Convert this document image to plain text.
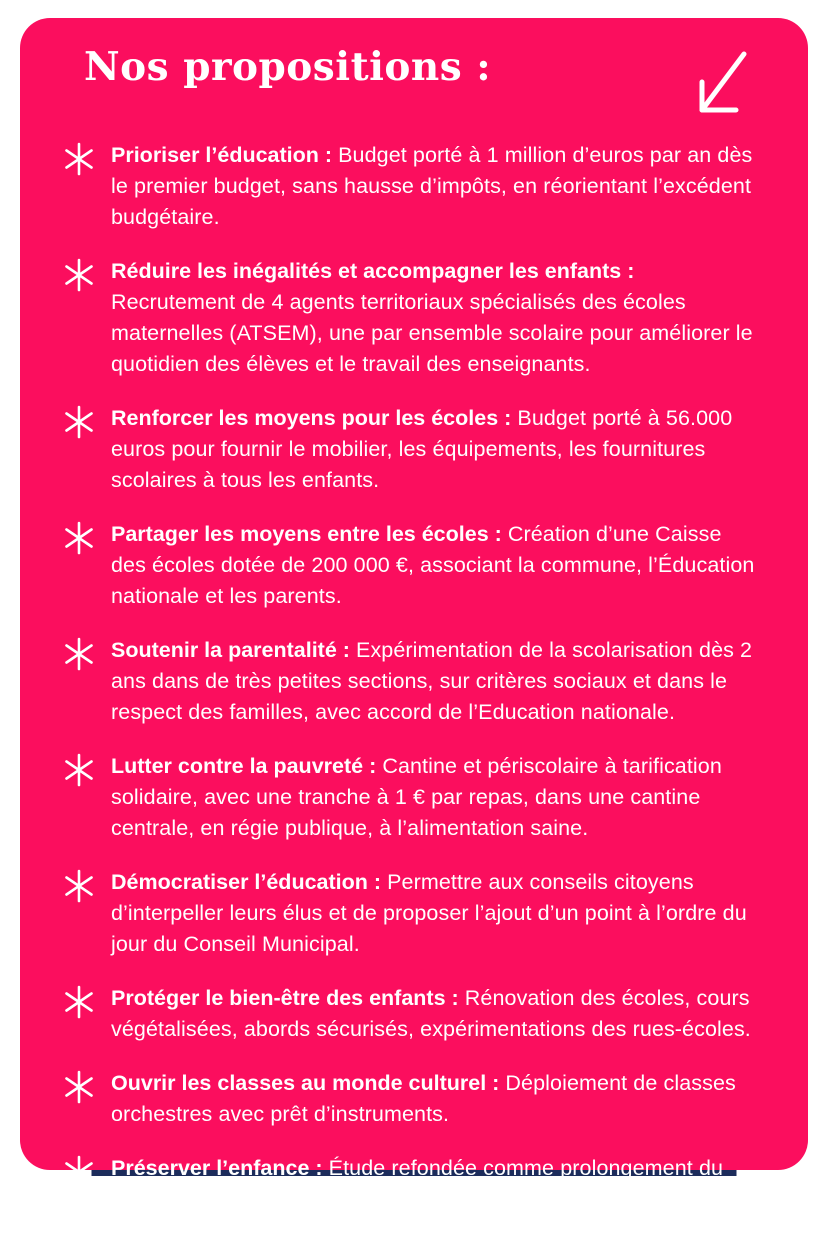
Nos propositions :

Prioriser l’éducation : Budget porté à 1 million d’euros par an dès le premier budget, sans hausse d’impôts, en réorientant l’excédent budgétaire.

Réduire les inégalités et accompagner les enfants : Recrutement de 4 agents territoriaux spécialisés des écoles maternelles (ATSEM), une par ensemble scolaire pour améliorer le quotidien des élèves et le travail des enseignants.

Renforcer les moyens pour les écoles : Budget porté à 56.000 euros pour fournir le mobilier, les équipements, les fournitures scolaires à tous les enfants.

Partager les moyens entre les écoles : Création d’une Caisse des écoles dotée de 200 000 €, associant la commune, l’Éducation nationale et les parents.

Soutenir la parentalité : Expérimentation de la scolarisation dès 2 ans dans de très petites sections, sur critères sociaux et dans le respect des familles, avec accord de l’Education nationale.

Lutter contre la pauvreté : Cantine et périscolaire à tarification solidaire, avec une tranche à 1 € par repas, dans une cantine centrale, en régie publique, à l’alimentation saine.

Démocratiser l’éducation : Permettre aux conseils citoyens d’interpeller leurs élus et de proposer l’ajout d’un point à l’ordre du jour du Conseil Municipal.

Protéger le bien-être des enfants : Rénovation des écoles, cours végétalisées, abords sécurisés, expérimentations des rues-écoles.

Ouvrir les classes au monde culturel : Déploiement de classes orchestres avec prêt d’instruments.

Préserver l’enfance : Étude refondée comme prolongement du temps scolaire, mieux encadrée et coordonnée avec l’Éducation nationale pour protéger les enfants et réduire les inégalités.
